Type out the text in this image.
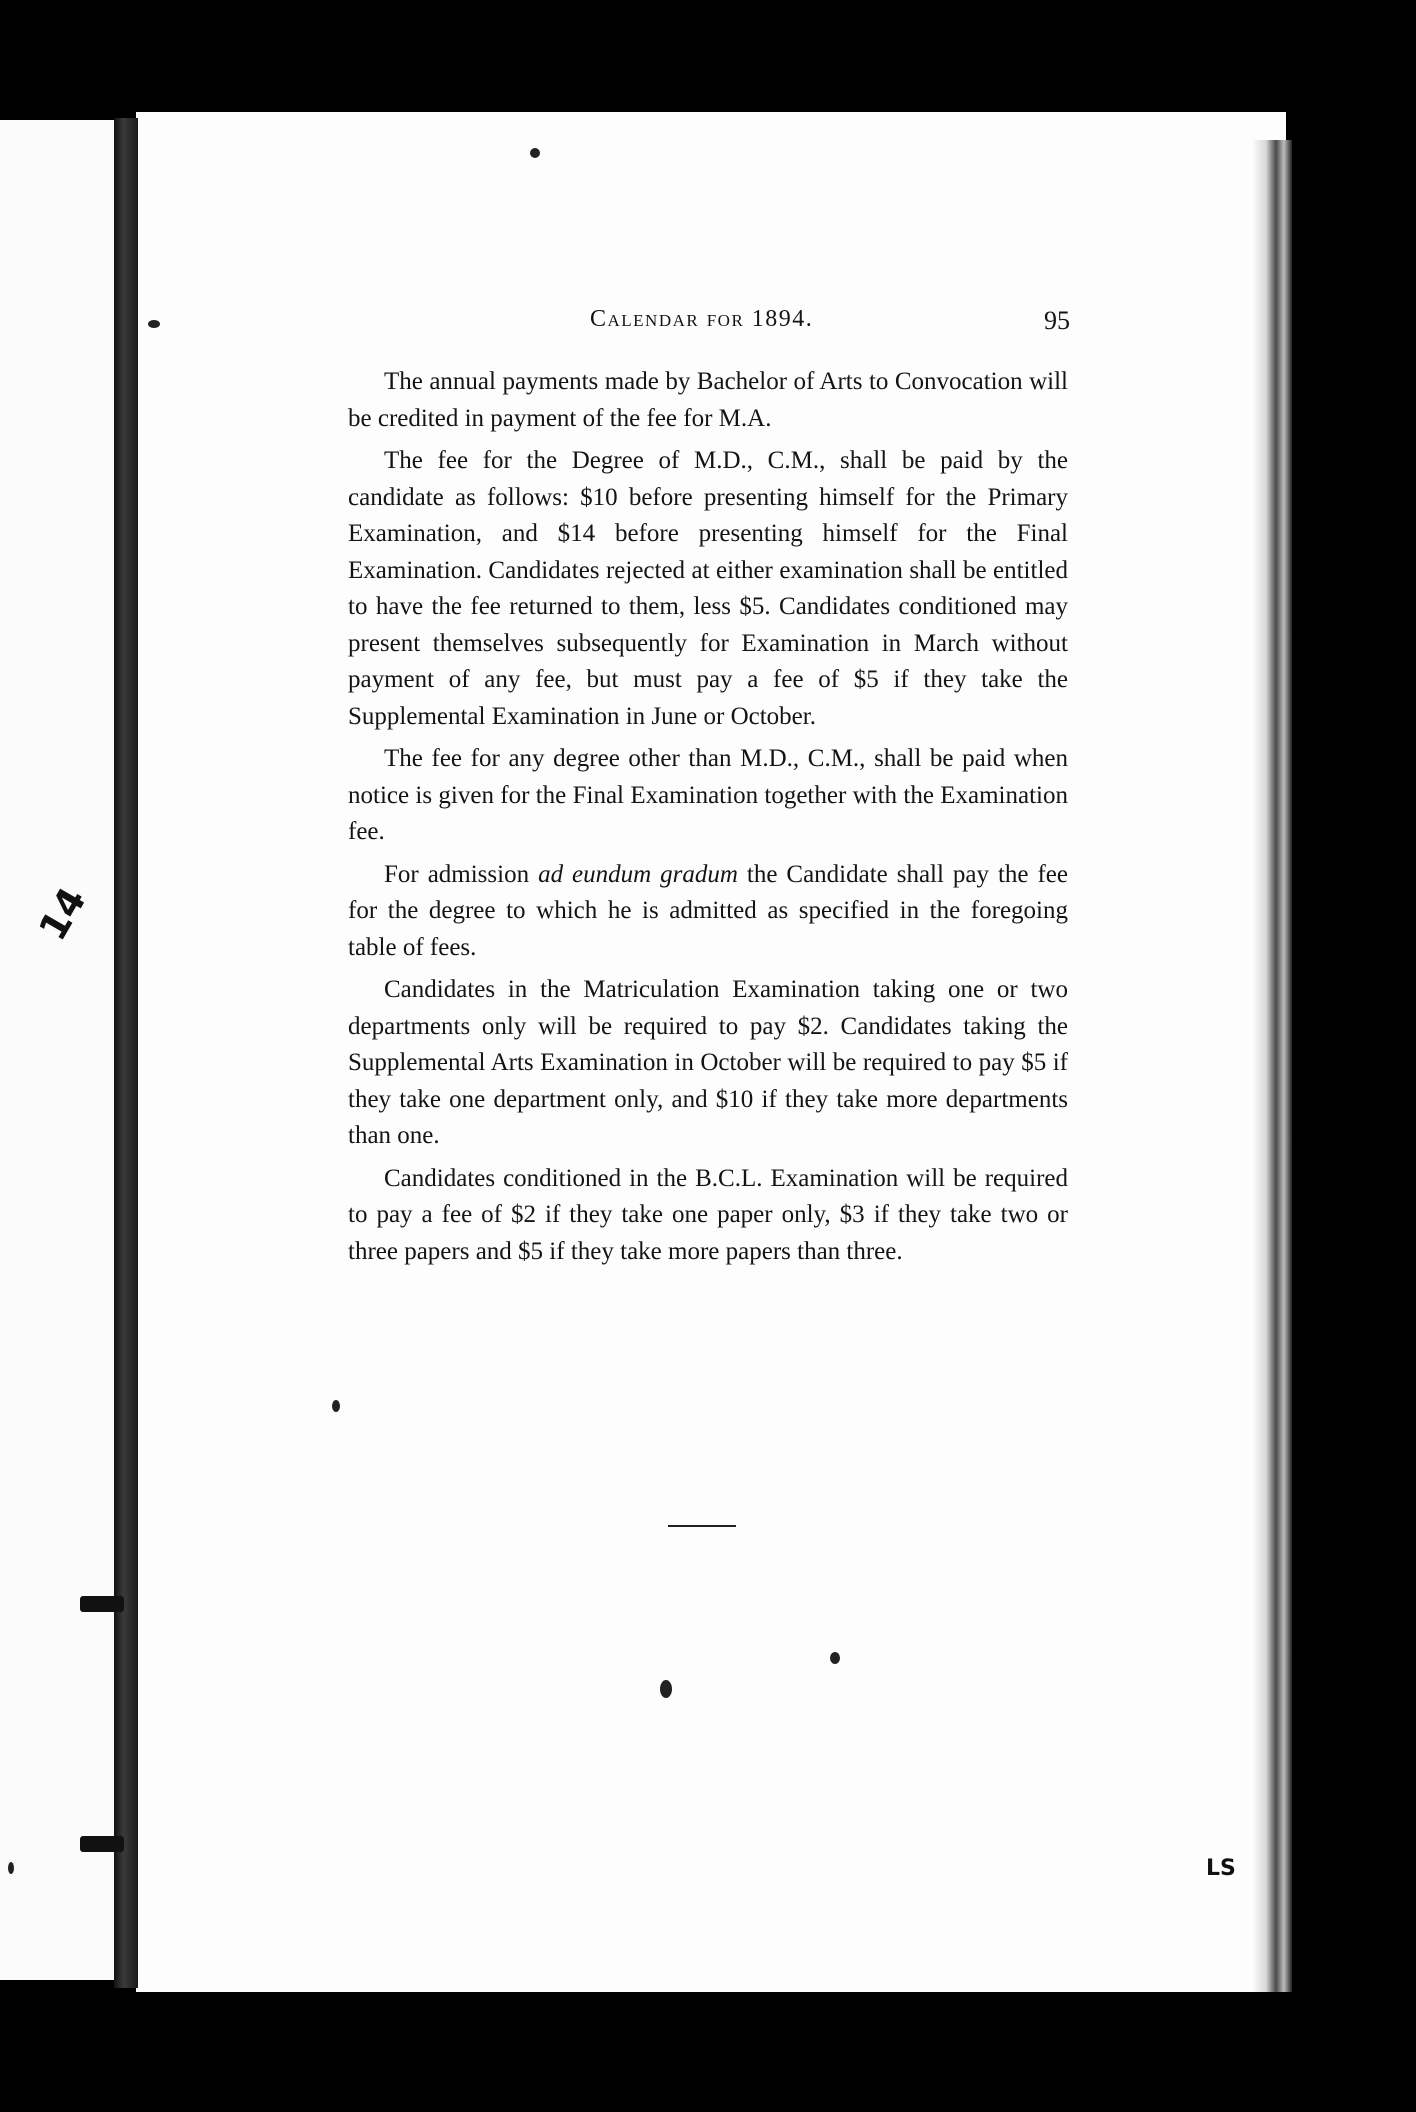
Calendar for 1894.	95

The annual payments made by Bachelor of Arts to Convocation will be credited in payment of the fee for M.A.

The fee for the Degree of M.D., C.M., shall be paid by the candidate as follows: $10 before presenting himself for the Primary Examination, and $14 before presenting himself for the Final Examination. Candidates rejected at either examination shall be entitled to have the fee returned to them, less $5. Candidates conditioned may present themselves subsequently for Examination in March without payment of any fee, but must pay a fee of $5 if they take the Supplemental Examination in June or October.

The fee for any degree other than M.D., C.M., shall be paid when notice is given for the Final Examination together with the Examination fee.

For admission ad eundum gradum the Candidate shall pay the fee for the degree to which he is admitted as specified in the foregoing table of fees.

Candidates in the Matriculation Examination taking one or two departments only will be required to pay $2. Candidates taking the Supplemental Arts Examination in October will be required to pay $5 if they take one department only, and $10 if they take more departments than one.

Candidates conditioned in the B.C.L. Examination will be required to pay a fee of $2 if they take one paper only, $3 if they take two or three papers and $5 if they take more papers than three.

14
LS
